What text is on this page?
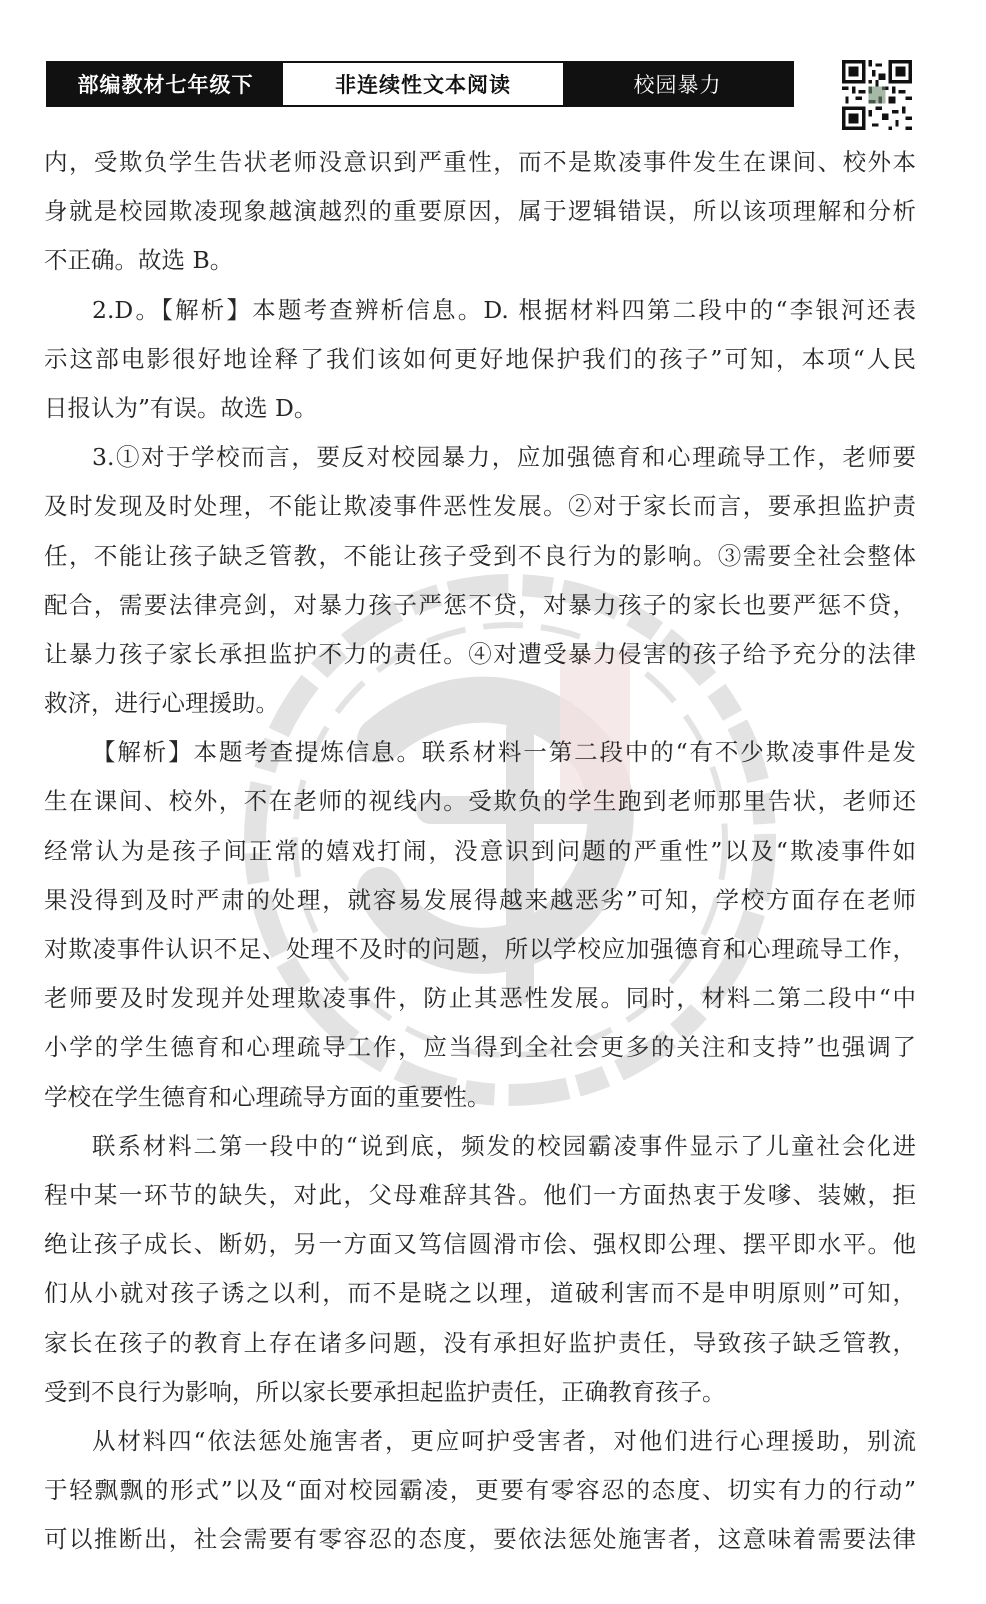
部编教材七年级下	非连续性文本阅读	校园暴力
内，受欺负学生告状老师没意识到严重性，而不是欺凌事件发生在课间、校外本
身就是校园欺凌现象越演越烈的重要原因，属于逻辑错误，所以该项理解和分析
不正确。故选 B。
2.D。【解析】本题考查辨析信息。D. 根据材料四第二段中的“李银河还表
示这部电影很好地诠释了我们该如何更好地保护我们的孩子”可知，本项“人民
日报认为”有误。故选 D。
3.①对于学校而言，要反对校园暴力，应加强德育和心理疏导工作，老师要
及时发现及时处理，不能让欺凌事件恶性发展。②对于家长而言，要承担监护责
任，不能让孩子缺乏管教，不能让孩子受到不良行为的影响。③需要全社会整体
配合，需要法律亮剑，对暴力孩子严惩不贷，对暴力孩子的家长也要严惩不贷，
让暴力孩子家长承担监护不力的责任。④对遭受暴力侵害的孩子给予充分的法律
救济，进行心理援助。
【解析】本题考查提炼信息。联系材料一第二段中的“有不少欺凌事件是发
生在课间、校外，不在老师的视线内。受欺负的学生跑到老师那里告状，老师还
经常认为是孩子间正常的嬉戏打闹，没意识到问题的严重性”以及“欺凌事件如
果没得到及时严肃的处理，就容易发展得越来越恶劣”可知，学校方面存在老师
对欺凌事件认识不足、处理不及时的问题，所以学校应加强德育和心理疏导工作，
老师要及时发现并处理欺凌事件，防止其恶性发展。同时，材料二第二段中“中
小学的学生德育和心理疏导工作，应当得到全社会更多的关注和支持”也强调了
学校在学生德育和心理疏导方面的重要性。
联系材料二第一段中的“说到底，频发的校园霸凌事件显示了儿童社会化进
程中某一环节的缺失，对此，父母难辞其咎。他们一方面热衷于发嗲、装嫩，拒
绝让孩子成长、断奶，另一方面又笃信圆滑市侩、强权即公理、摆平即水平。他
们从小就对孩子诱之以利，而不是晓之以理，道破利害而不是申明原则”可知，
家长在孩子的教育上存在诸多问题，没有承担好监护责任，导致孩子缺乏管教，
受到不良行为影响，所以家长要承担起监护责任，正确教育孩子。
从材料四“依法惩处施害者，更应呵护受害者，对他们进行心理援助，别流
于轻飘飘的形式”以及“面对校园霸凌，更要有零容忍的态度、切实有力的行动”
可以推断出，社会需要有零容忍的态度，要依法惩处施害者，这意味着需要法律
